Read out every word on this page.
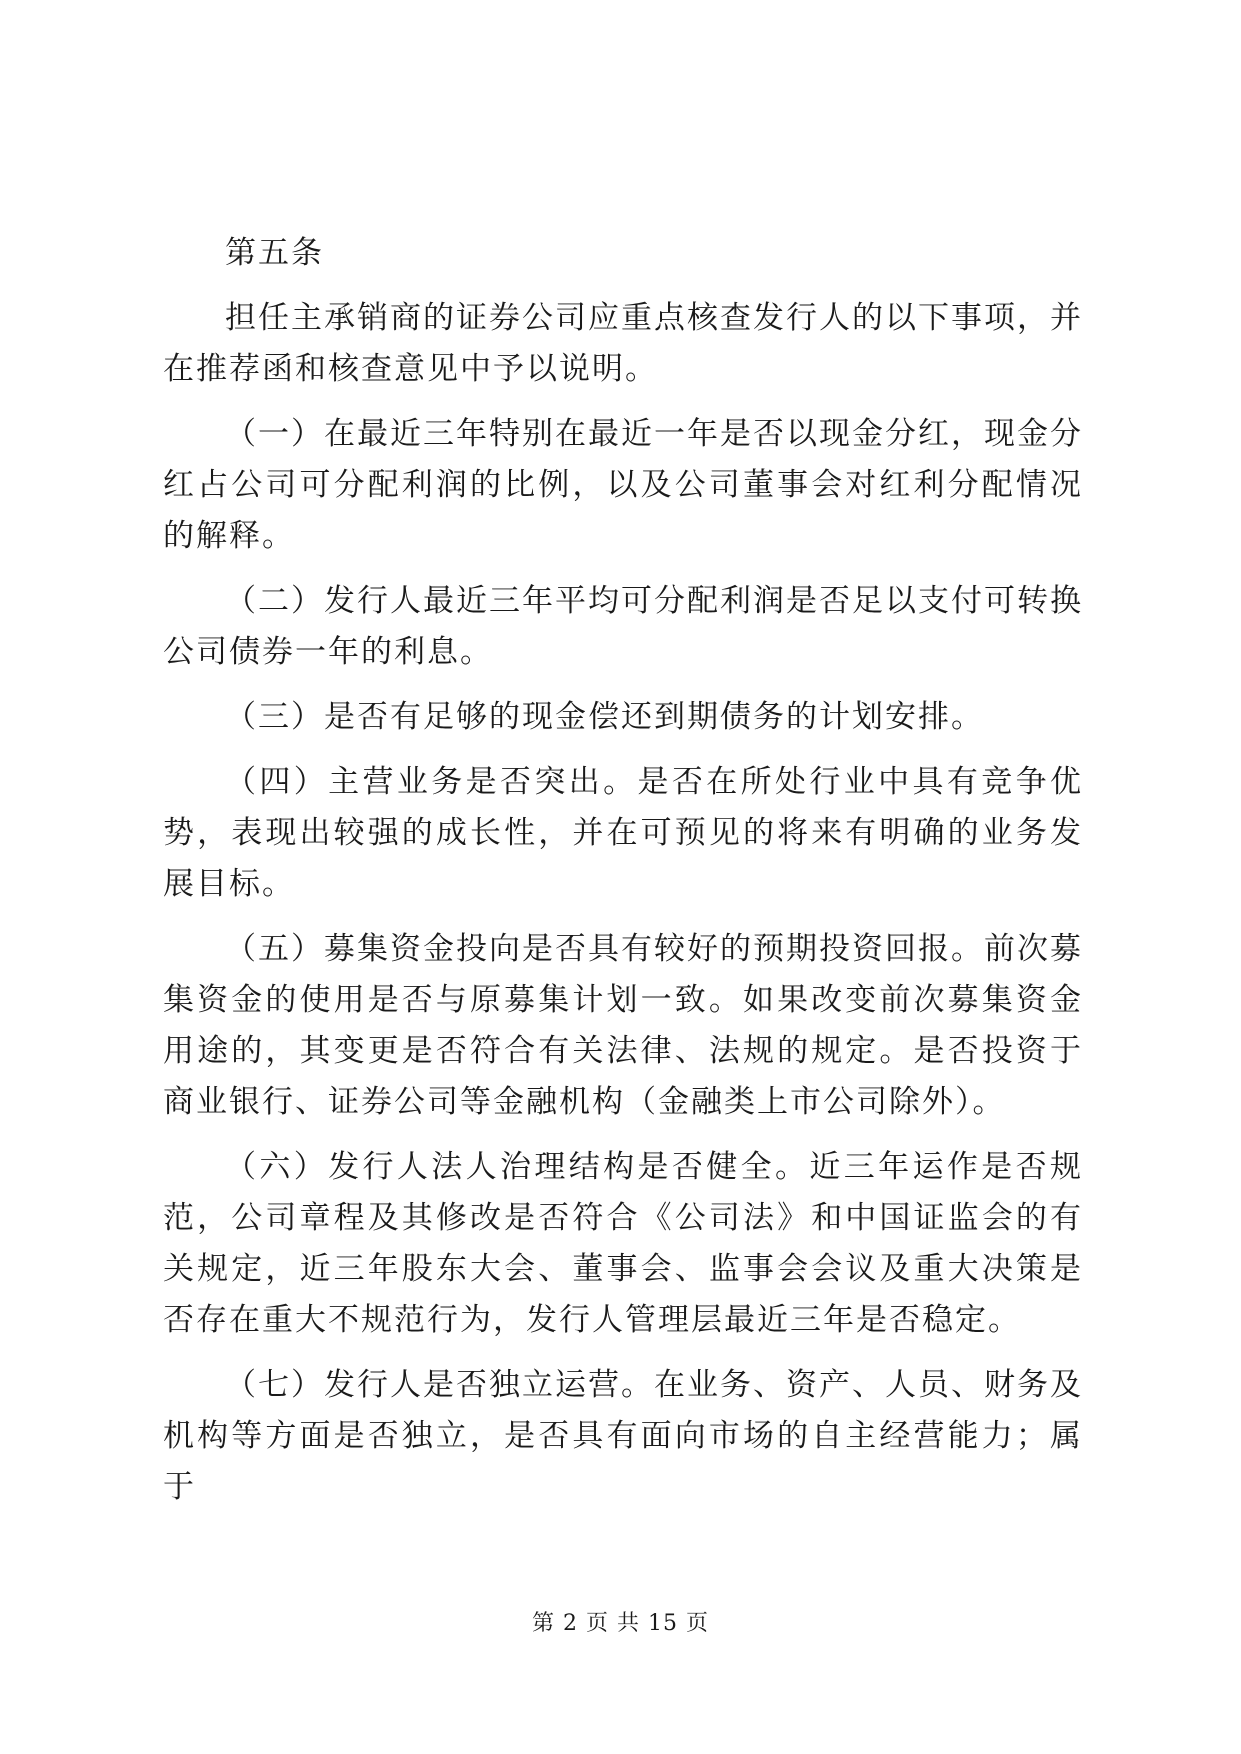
第五条

担任主承销商的证券公司应重点核查发行人的以下事项，并在推荐函和核查意见中予以说明。

（一）在最近三年特别在最近一年是否以现金分红，现金分红占公司可分配利润的比例，以及公司董事会对红利分配情况的解释。

（二）发行人最近三年平均可分配利润是否足以支付可转换公司债券一年的利息。

（三）是否有足够的现金偿还到期债务的计划安排。

（四）主营业务是否突出。是否在所处行业中具有竞争优势，表现出较强的成长性，并在可预见的将来有明确的业务发展目标。

（五）募集资金投向是否具有较好的预期投资回报。前次募集资金的使用是否与原募集计划一致。如果改变前次募集资金用途的，其变更是否符合有关法律、法规的规定。是否投资于商业银行、证券公司等金融机构（金融类上市公司除外）。

（六）发行人法人治理结构是否健全。近三年运作是否规范，公司章程及其修改是否符合《公司法》和中国证监会的有关规定，近三年股东大会、董事会、监事会会议及重大决策是否存在重大不规范行为，发行人管理层最近三年是否稳定。

（七）发行人是否独立运营。在业务、资产、人员、财务及机构等方面是否独立，是否具有面向市场的自主经营能力；属于

第 2 页 共 15 页
